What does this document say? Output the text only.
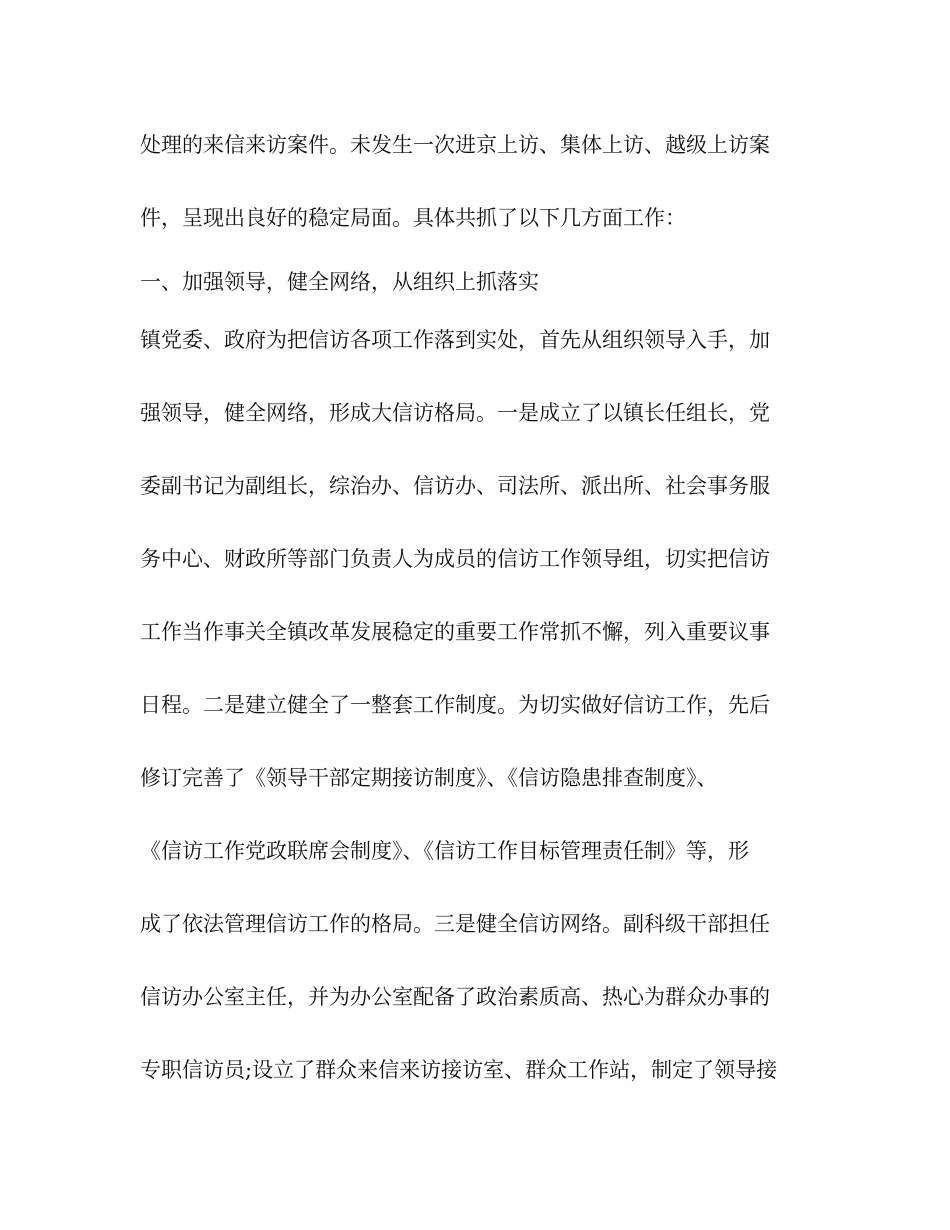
处理的来信来访案件。未发生一次进京上访、集体上访、越级上访案
件，呈现出良好的稳定局面。具体共抓了以下几方面工作：
一、加强领导，健全网络，从组织上抓落实
镇党委、政府为把信访各项工作落到实处，首先从组织领导入手，加
强领导，健全网络，形成大信访格局。一是成立了以镇长任组长，党
委副书记为副组长，综治办、信访办、司法所、派出所、社会事务服
务中心、财政所等部门负责人为成员的信访工作领导组，切实把信访
工作当作事关全镇改革发展稳定的重要工作常抓不懈，列入重要议事
日程。二是建立健全了一整套工作制度。为切实做好信访工作，先后
修订完善了《领导干部定期接访制度》、《信访隐患排查制度》、
《信访工作党政联席会制度》、《信访工作目标管理责任制》等，形
成了依法管理信访工作的格局。三是健全信访网络。副科级干部担任
信访办公室主任，并为办公室配备了政治素质高、热心为群众办事的
专职信访员;设立了群众来信来访接访室、群众工作站，制定了领导接
